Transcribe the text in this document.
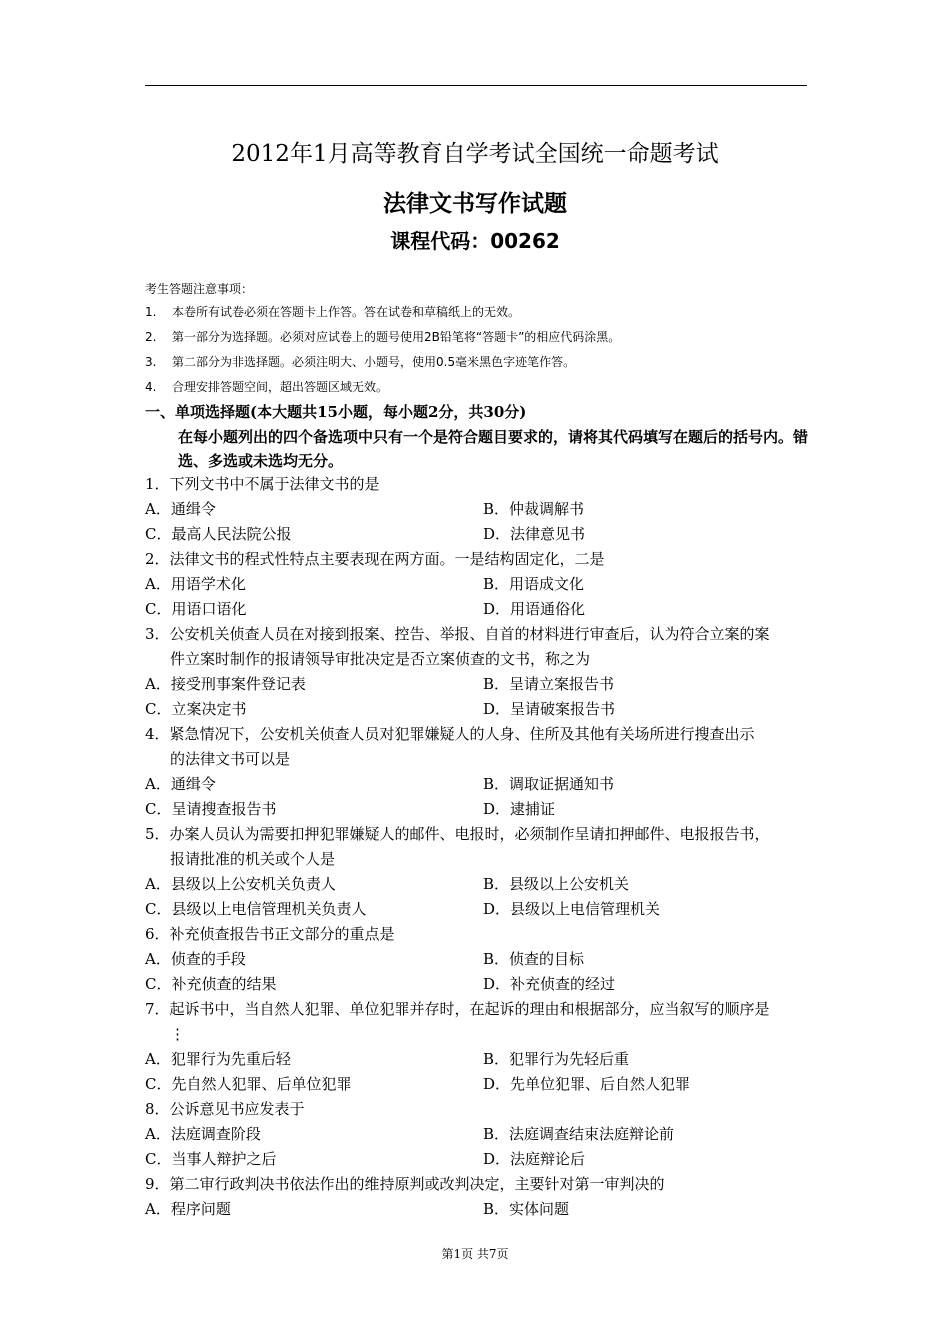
2012年1月高等教育自学考试全国统一命题考试
法律文书写作试题
课程代码：00262
考生答题注意事项：
1. 本卷所有试卷必须在答题卡上作答。答在试卷和草稿纸上的无效。
2. 第一部分为选择题。必须对应试卷上的题号使用2B铅笔将“答题卡”的相应代码涂黑。
3. 第二部分为非选择题。必须注明大、小题号，使用0.5毫米黑色字迹笔作答。
4. 合理安排答题空间，超出答题区域无效。
一、单项选择题(本大题共15小题，每小题2分，共30分)
在每小题列出的四个备选项中只有一个是符合题目要求的，请将其代码填写在题后的括号内。错选、多选或未选均无分。
1．下列文书中不属于法律文书的是
A．通缉令	B．仲裁调解书
C．最高人民法院公报	D．法律意见书
2．法律文书的程式性特点主要表现在两方面。一是结构固定化，二是
A．用语学术化	B．用语成文化
C．用语口语化	D．用语通俗化
3．公安机关侦查人员在对接到报案、控告、举报、自首的材料进行审查后，认为符合立案的案
件立案时制作的报请领导审批决定是否立案侦查的文书，称之为
A．接受刑事案件登记表	B．呈请立案报告书
C．立案决定书	D．呈请破案报告书
4．紧急情况下，公安机关侦查人员对犯罪嫌疑人的人身、住所及其他有关场所进行搜查出示
的法律文书可以是
A．通缉令	B．调取证据通知书
C．呈请搜查报告书	D．逮捕证
5．办案人员认为需要扣押犯罪嫌疑人的邮件、电报时，必须制作呈请扣押邮件、电报报告书，
报请批准的机关或个人是
A．县级以上公安机关负责人	B．县级以上公安机关
C．县级以上电信管理机关负责人	D．县级以上电信管理机关
6．补充侦查报告书正文部分的重点是
A．侦查的手段	B．侦查的目标
C．补充侦查的结果	D．补充侦查的经过
7．起诉书中，当自然人犯罪、单位犯罪并存时，在起诉的理由和根据部分，应当叙写的顺序是
⋮
A．犯罪行为先重后轻	B．犯罪行为先轻后重
C．先自然人犯罪、后单位犯罪	D．先单位犯罪、后自然人犯罪
8．公诉意见书应发表于
A．法庭调查阶段	B．法庭调查结束法庭辩论前
C．当事人辩护之后	D．法庭辩论后
9．第二审行政判决书依法作出的维持原判或改判决定，主要针对第一审判决的
A．程序问题	B．实体问题
第1页 共7页
